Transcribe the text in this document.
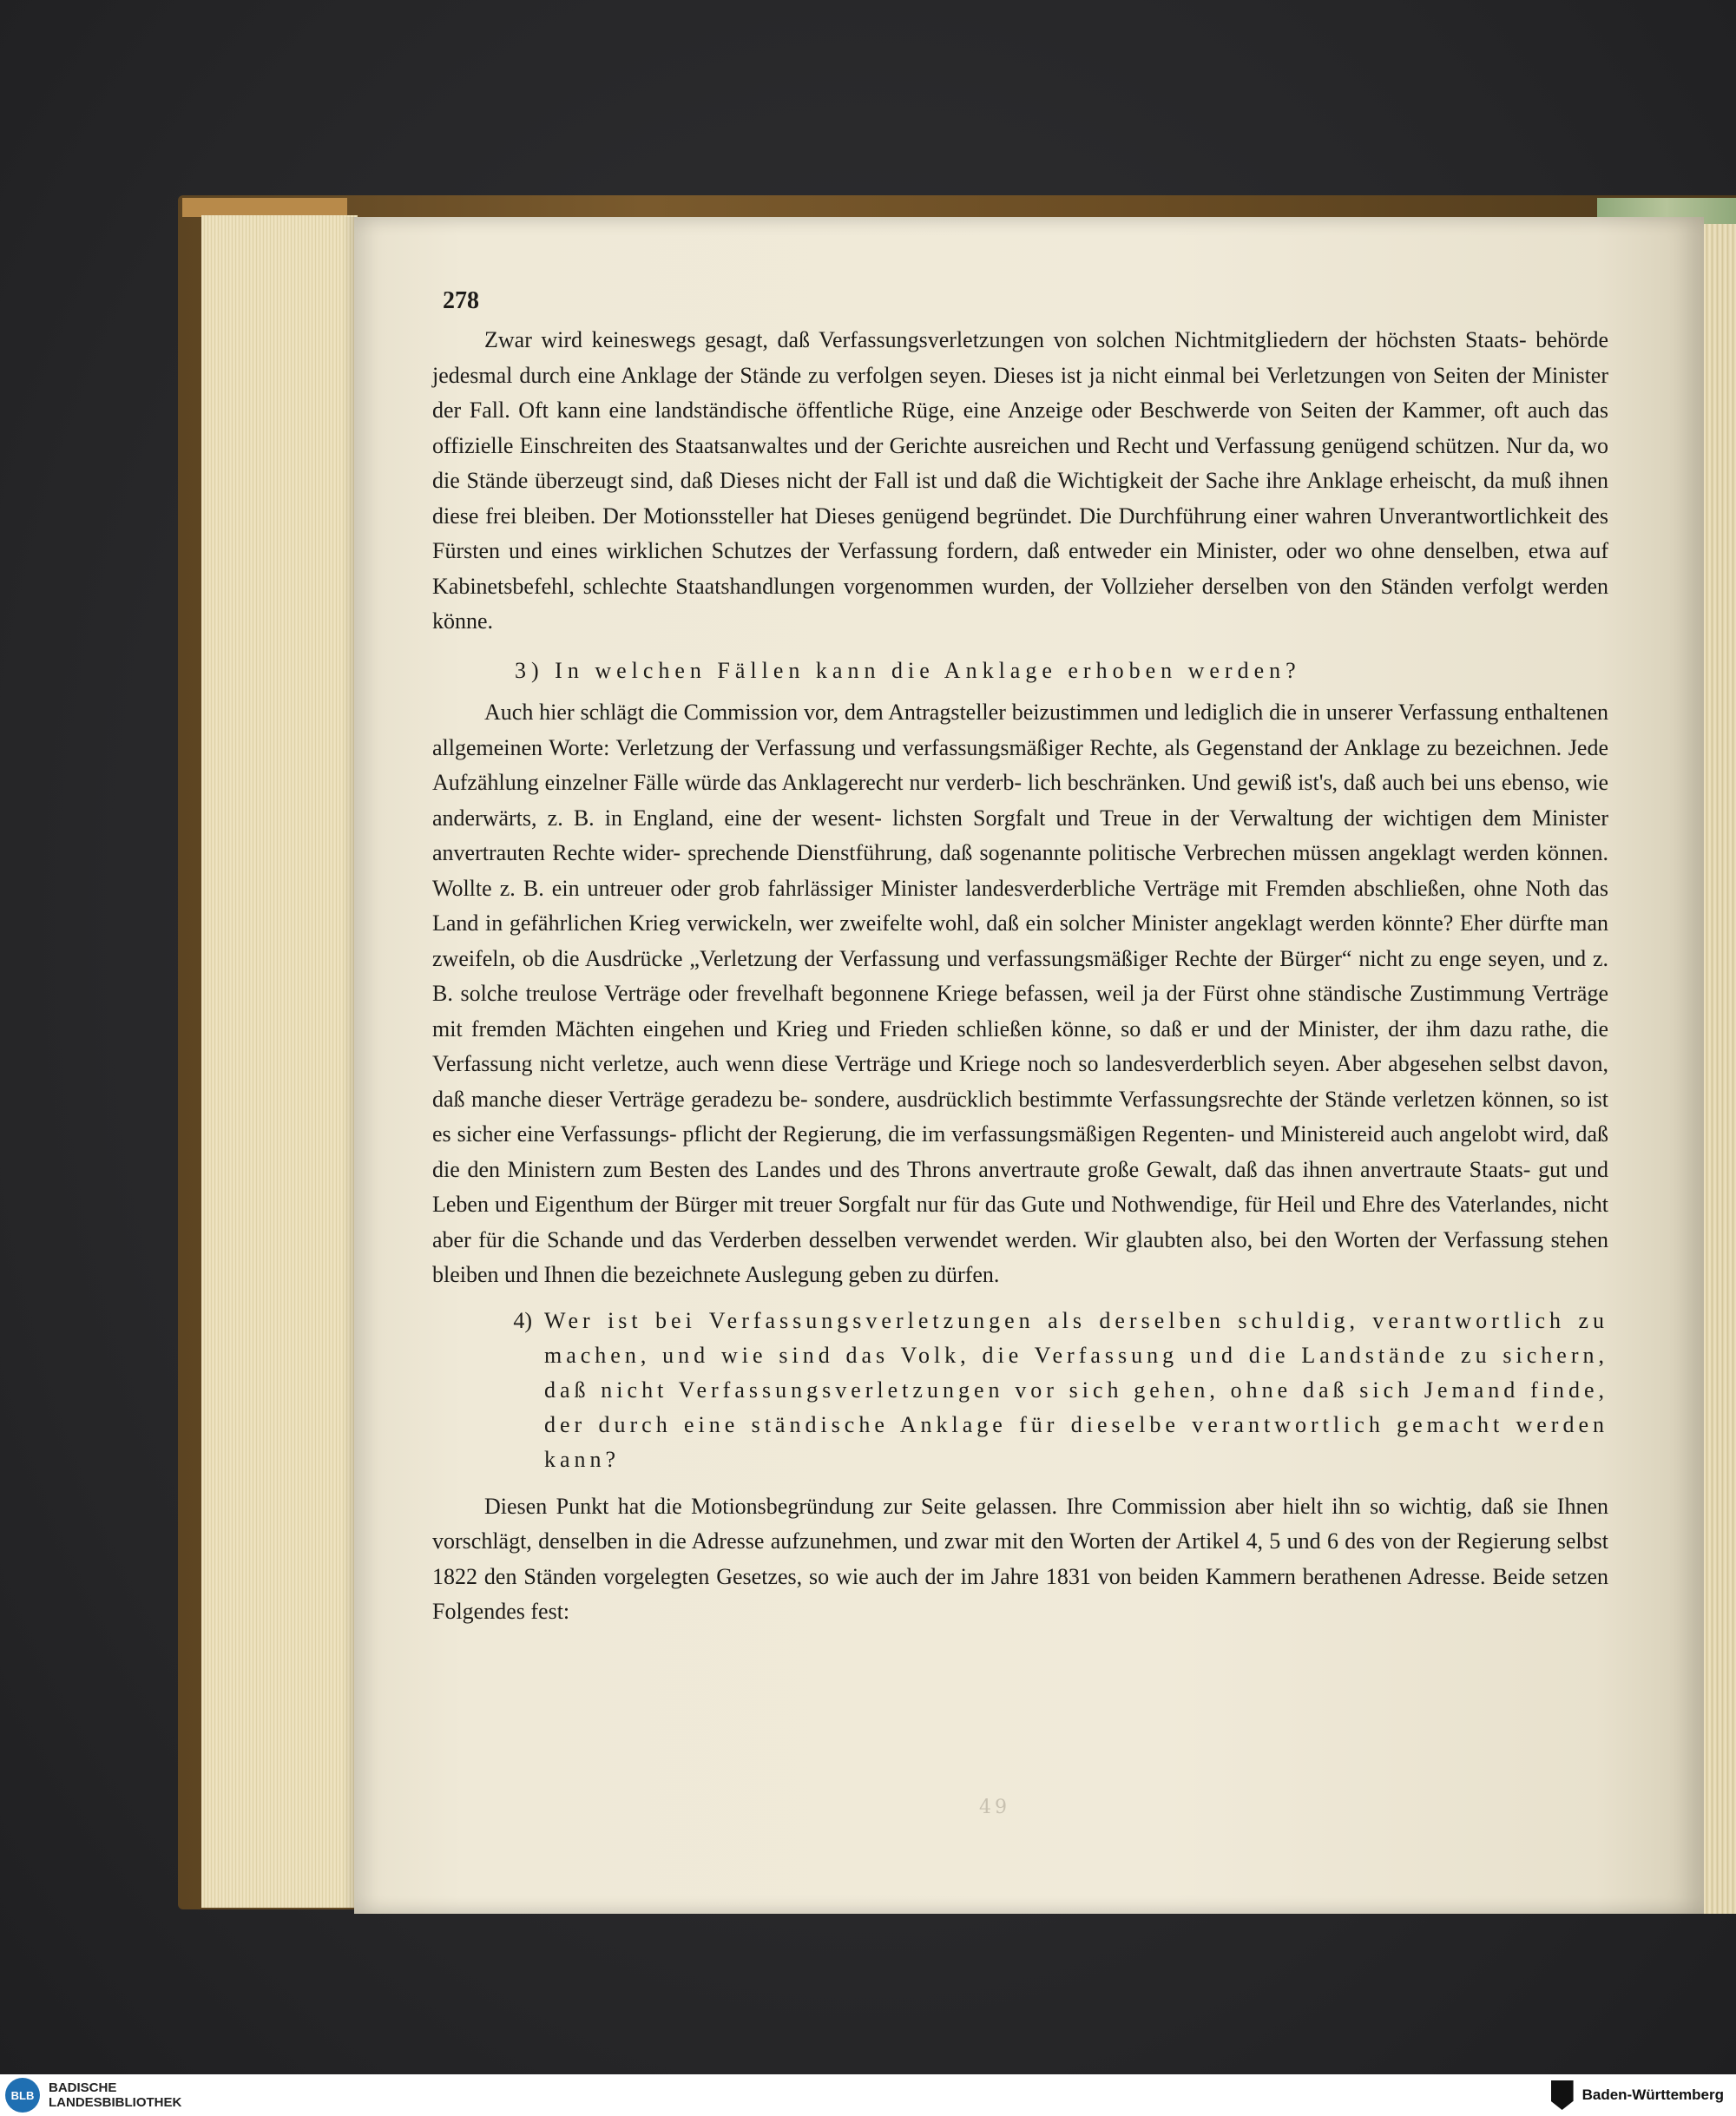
278

Zwar wird keineswegs gesagt, daß Verfassungsverletzungen von solchen Nichtmitgliedern der höchsten Staats- behörde jedesmal durch eine Anklage der Stände zu verfolgen seyen. Dieses ist ja nicht einmal bei Verletzungen von Seiten der Minister der Fall. Oft kann eine landständische öffentliche Rüge, eine Anzeige oder Beschwerde von Seiten der Kammer, oft auch das offizielle Einschreiten des Staatsanwaltes und der Gerichte ausreichen und Recht und Verfassung genügend schützen. Nur da, wo die Stände überzeugt sind, daß Dieses nicht der Fall ist und daß die Wichtigkeit der Sache ihre Anklage erheischt, da muß ihnen diese frei bleiben. Der Motionssteller hat Dieses genügend begründet. Die Durchführung einer wahren Unverantwortlichkeit des Fürsten und eines wirklichen Schutzes der Verfassung fordern, daß entweder ein Minister, oder wo ohne denselben, etwa auf Kabinetsbefehl, schlechte Staatshandlungen vorgenommen wurden, der Vollzieher derselben von den Ständen verfolgt werden könne.

3) In welchen Fällen kann die Anklage erhoben werden?

Auch hier schlägt die Commission vor, dem Antragsteller beizustimmen und lediglich die in unserer Verfassung enthaltenen allgemeinen Worte: Verletzung der Verfassung und verfassungsmäßiger Rechte, als Gegenstand der Anklage zu bezeichnen. Jede Aufzählung einzelner Fälle würde das Anklagerecht nur verderb- lich beschränken. Und gewiß ist's, daß auch bei uns ebenso, wie anderwärts, z. B. in England, eine der wesent- lichsten Sorgfalt und Treue in der Verwaltung der wichtigen dem Minister anvertrauten Rechte wider- sprechende Dienstführung, daß sogenannte politische Verbrechen müssen angeklagt werden können. Wollte z. B. ein untreuer oder grob fahrlässiger Minister landesverderbliche Verträge mit Fremden abschließen, ohne Noth das Land in gefährlichen Krieg verwickeln, wer zweifelte wohl, daß ein solcher Minister angeklagt werden könnte? Eher dürfte man zweifeln, ob die Ausdrücke „Verletzung der Verfassung und verfassungsmäßiger Rechte der Bürger“ nicht zu enge seyen, und z. B. solche treulose Verträge oder frevelhaft begonnene Kriege befassen, weil ja der Fürst ohne ständische Zustimmung Verträge mit fremden Mächten eingehen und Krieg und Frieden schließen könne, so daß er und der Minister, der ihm dazu rathe, die Verfassung nicht verletze, auch wenn diese Verträge und Kriege noch so landesverderblich seyen. Aber abgesehen selbst davon, daß manche dieser Verträge geradezu be- sondere, ausdrücklich bestimmte Verfassungsrechte der Stände verletzen können, so ist es sicher eine Verfassungs- pflicht der Regierung, die im verfassungsmäßigen Regenten- und Ministereid auch angelobt wird, daß die den Ministern zum Besten des Landes und des Throns anvertraute große Gewalt, daß das ihnen anvertraute Staats- gut und Leben und Eigenthum der Bürger mit treuer Sorgfalt nur für das Gute und Nothwendige, für Heil und Ehre des Vaterlandes, nicht aber für die Schande und das Verderben desselben verwendet werden. Wir glaubten also, bei den Worten der Verfassung stehen bleiben und Ihnen die bezeichnete Auslegung geben zu dürfen.

4) Wer ist bei Verfassungsverletzungen als derselben schuldig, verantwortlich zu machen, und wie sind das Volk, die Verfassung und die Landstände zu sichern, daß nicht Verfassungsverletzungen vor sich gehen, ohne daß sich Jemand finde, der durch eine ständische Anklage für dieselbe verantwortlich gemacht werden kann?

Diesen Punkt hat die Motionsbegründung zur Seite gelassen. Ihre Commission aber hielt ihn so wichtig, daß sie Ihnen vorschlägt, denselben in die Adresse aufzunehmen, und zwar mit den Worten der Artikel 4, 5 und 6 des von der Regierung selbst 1822 den Ständen vorgelegten Gesetzes, so wie auch der im Jahre 1831 von beiden Kammern berathenen Adresse. Beide setzen Folgendes fest:

49
BLB	BADISCHE
LANDESBIBLIOTHEK	Baden-Württemberg
